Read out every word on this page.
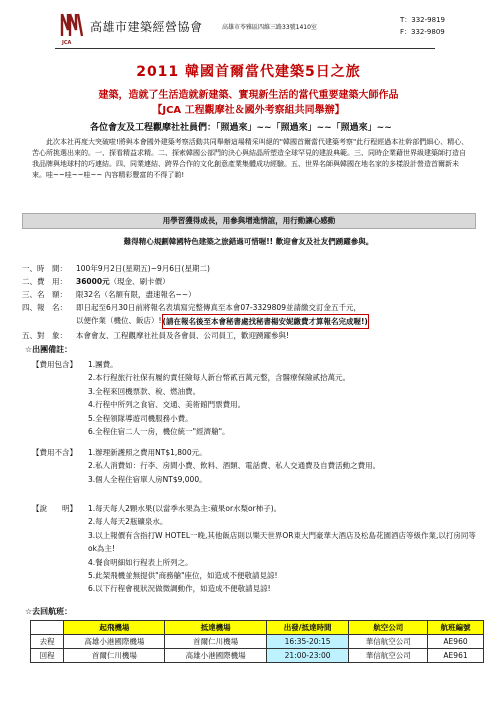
JCA
高雄市建築經營協會	高雄市苓雅區四維三路33號1410室
T：332-9819
F：332-9809
2011 韓國首爾當代建築5日之旅
建築，造就了生活造就新建築、實現新生活的當代重要建築大師作品
【JCA 工程觀摩社＆國外考察組共同舉辦】
各位會友及工程觀摩社社員們：「照過來」~~「照過來」~~「照過來」~~
此次本社再度大突破啦!將與本會國外建築考察活動共同舉辦這場精采叫絕的"韓國首爾當代建築考察"此行程經過本社幹部們細心、精心、苦心所挑選出來的。一、探看精益求精。二、探索韓國公部門的決心與結晶所塑造全球罕見的建設典範。三、同時企業藉世界級建築師打造自我品牌與地球村的巧連結。四、同業連結、跨界合作的文化創意產業集體成功經驗。五、世界名師與韓國在地名家的多樣設計營造首爾新未來。哇~~哇~~哇~~ 內容精彩豐富的不得了喲!
用學習獲得成長，用參與增進情誼，用行動讓心感動
難得精心規劃韓國特色建築之旅錯過可惜喔!! 歡迎會友及社友們踴躍參與。
一、時　間：	100年9月2日(星期五)~9月6日(星期二)
二、費　用：	36000元 （現金、刷卡價）
三、名　額：	限32名（名額有限，盡速報名~~）
四、報　名：	即日起至6月30日前將報名表填寫完整傳真至本會07-3329809並請繳交訂金五千元，
以便作業（機位、飯店）! (請在報名後至本會秘書處找秘書楊安妮繳費才算報名完成喔!)
五、對　象：	本會會友、工程觀摩社社員及各會員、公司員工，歡迎踴躍參與!
☆出團備註：
【費用包含】	1.團費。
2.本行程旅行社保有履約責任險每人新台幣貳百萬元整，含醫療保險貳拾萬元。
3.全程來回機票款、稅、燃油費。
4.行程中所列之食宿、交通、美術館門票費用。
5.全程領隊導遊司機服務小費。
6.全程住宿二人一房，機位統一"經濟艙"。
【費用不含】	1.辦理新護照之費用NT$1,800元。
2.私人消費如：行李、房間小費、飲料、酒類、電話費、私人交通費及自費活動之費用。
3.個人全程住宿單人房NT$9,000。
【說　　明】	1.每天每人2顆水果(以當季水果為主:蘋果or水梨or柿子)。
2.每人每天2瓶礦泉水。
3.以上報價有含指打W HOTEL一晚,其他飯店則以樂天世界OR東大門豪華大酒店及松島花園酒店等級作業,以打房同等ok為主!
4.餐食明細如行程表上所列之。
5.此架飛機並無提供"商務艙"座位，如造成不便敬請見諒!
6.以下行程會視狀況做微調動作，如造成不便敬請見諒!
☆去回航班：
	起飛機場	抵達機場	出發/抵達時間	航空公司	航班編號
去程	高雄小港國際機場	首爾仁川機場	16:35-20:15	華信航空公司	AE960
回程	首爾仁川機場	高雄小港國際機場	21:00-23:00	華信航空公司	AE961
